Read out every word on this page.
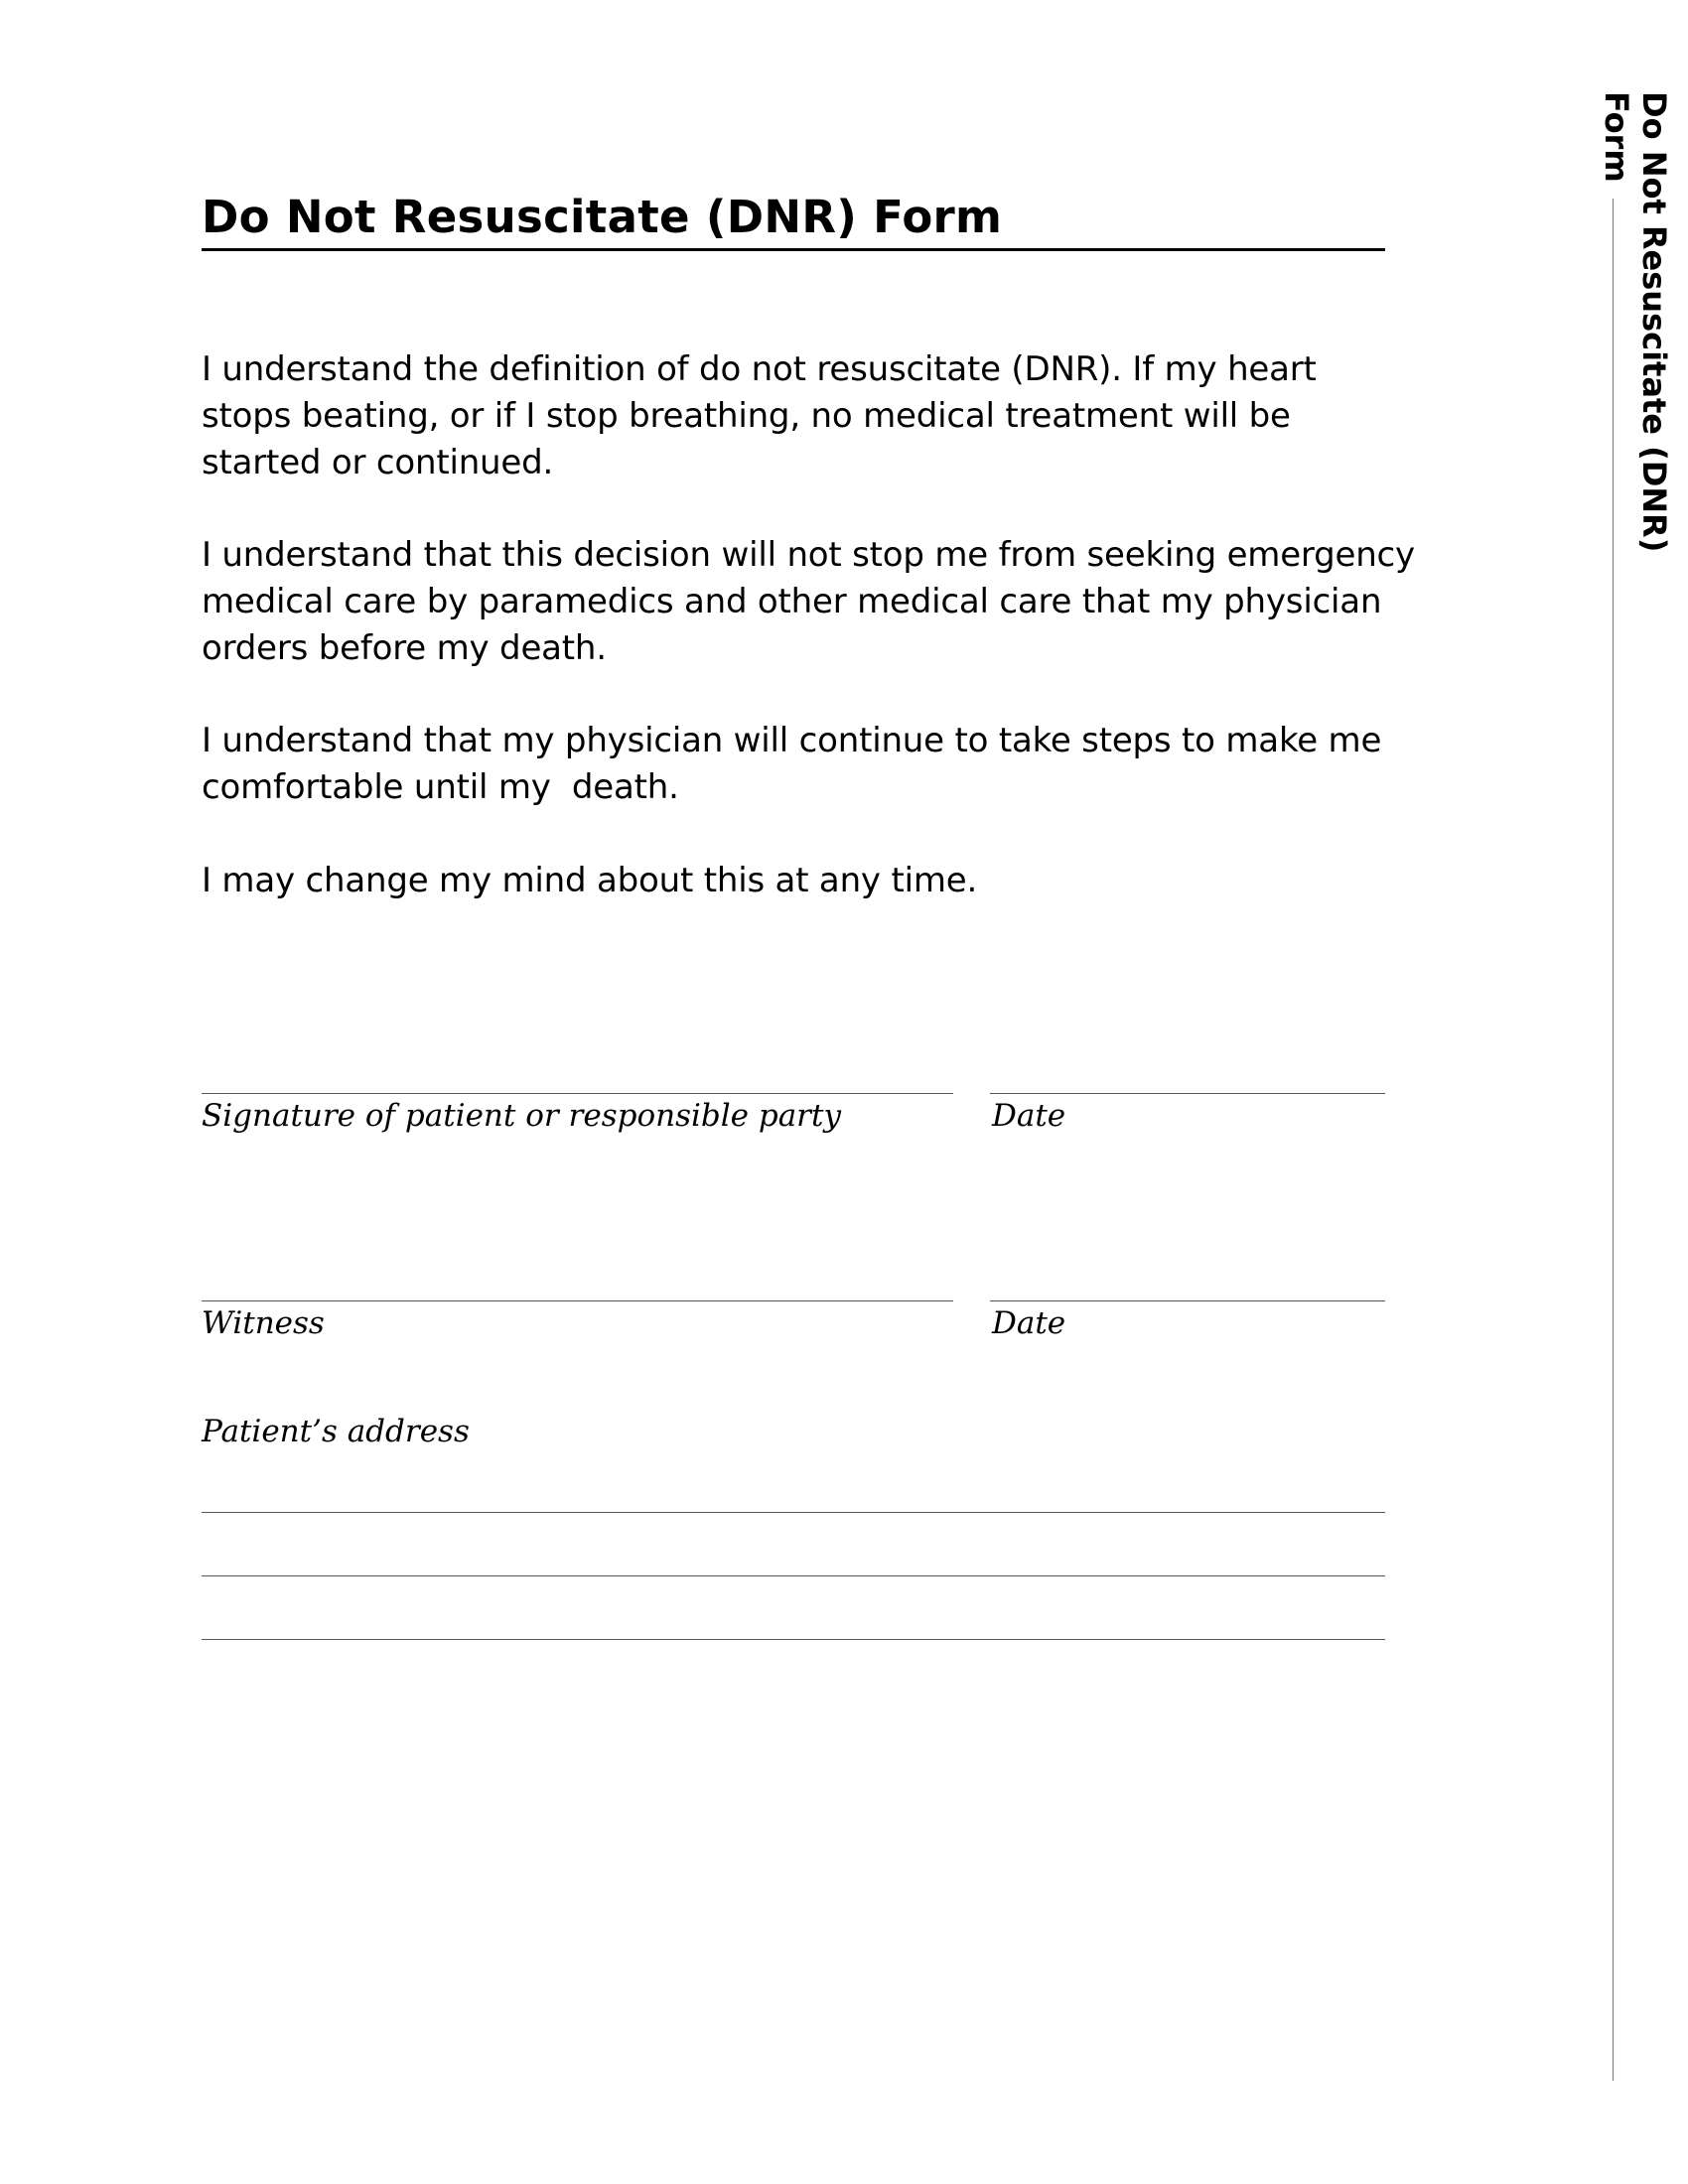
Do Not Resuscitate (DNR) Form
Do Not Resuscitate (DNR) Form

I understand the definition of do not resuscitate (DNR). If my heart stops beating, or if I stop breathing, no medical treatment will be started or continued.

I understand that this decision will not stop me from seeking emergency medical care by paramedics and other medical care that my physician orders before my death.

I understand that my physician will continue to take steps to make me comfortable until my  death.

I may change my mind about this at any time.

Signature of patient or responsible party	Date
Witness	Date
Patient’s address
